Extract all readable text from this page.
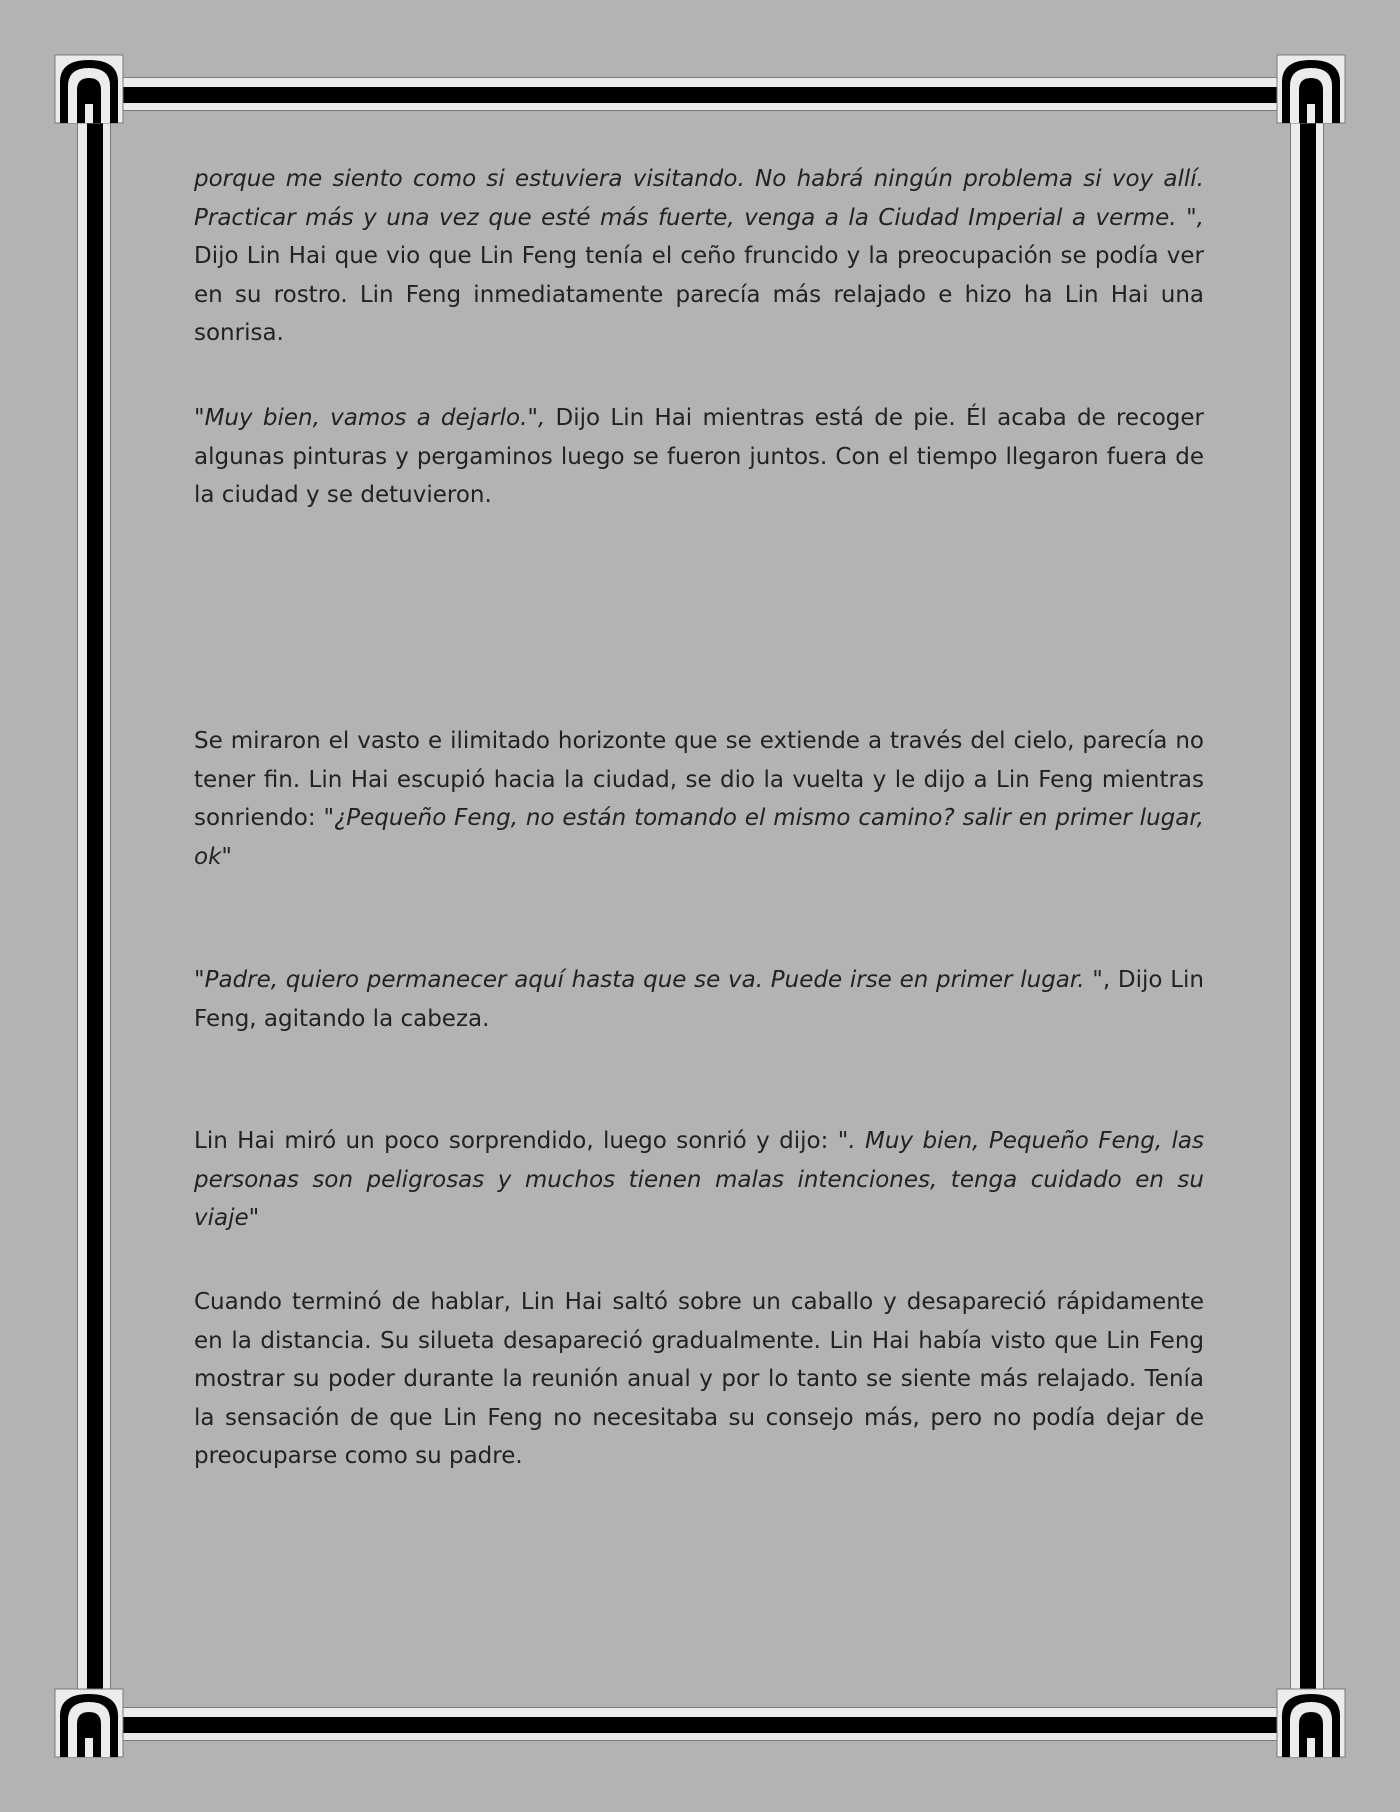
porque me siento como si estuviera visitando. No habrá ningún problema si voy allí. Practicar más y una vez que esté más fuerte, venga a la Ciudad Imperial a verme. ", Dijo Lin Hai que vio que Lin Feng tenía el ceño fruncido y la preocupación se podía ver en su rostro. Lin Feng inmediatamente parecía más relajado e hizo ha Lin Hai una sonrisa.

"Muy bien, vamos a dejarlo.", Dijo Lin Hai mientras está de pie. Él acaba de recoger algunas pinturas y pergaminos luego se fueron juntos. Con el tiempo llegaron fuera de la ciudad y se detuvieron.

Se miraron el vasto e ilimitado horizonte que se extiende a través del cielo, parecía no tener fin. Lin Hai escupió hacia la ciudad, se dio la vuelta y le dijo a Lin Feng mientras sonriendo: "¿Pequeño Feng, no están tomando el mismo camino? salir en primer lugar, ok"

"Padre, quiero permanecer aquí hasta que se va. Puede irse en primer lugar. ", Dijo Lin Feng, agitando la cabeza.

Lin Hai miró un poco sorprendido, luego sonrió y dijo: ". Muy bien, Pequeño Feng, las personas son peligrosas y muchos tienen malas intenciones, tenga cuidado en su viaje"

Cuando terminó de hablar, Lin Hai saltó sobre un caballo y desapareció rápidamente en la distancia. Su silueta desapareció gradualmente. Lin Hai había visto que Lin Feng mostrar su poder durante la reunión anual y por lo tanto se siente más relajado. Tenía la sensación de que Lin Feng no necesitaba su consejo más, pero no podía dejar de preocuparse como su padre.
